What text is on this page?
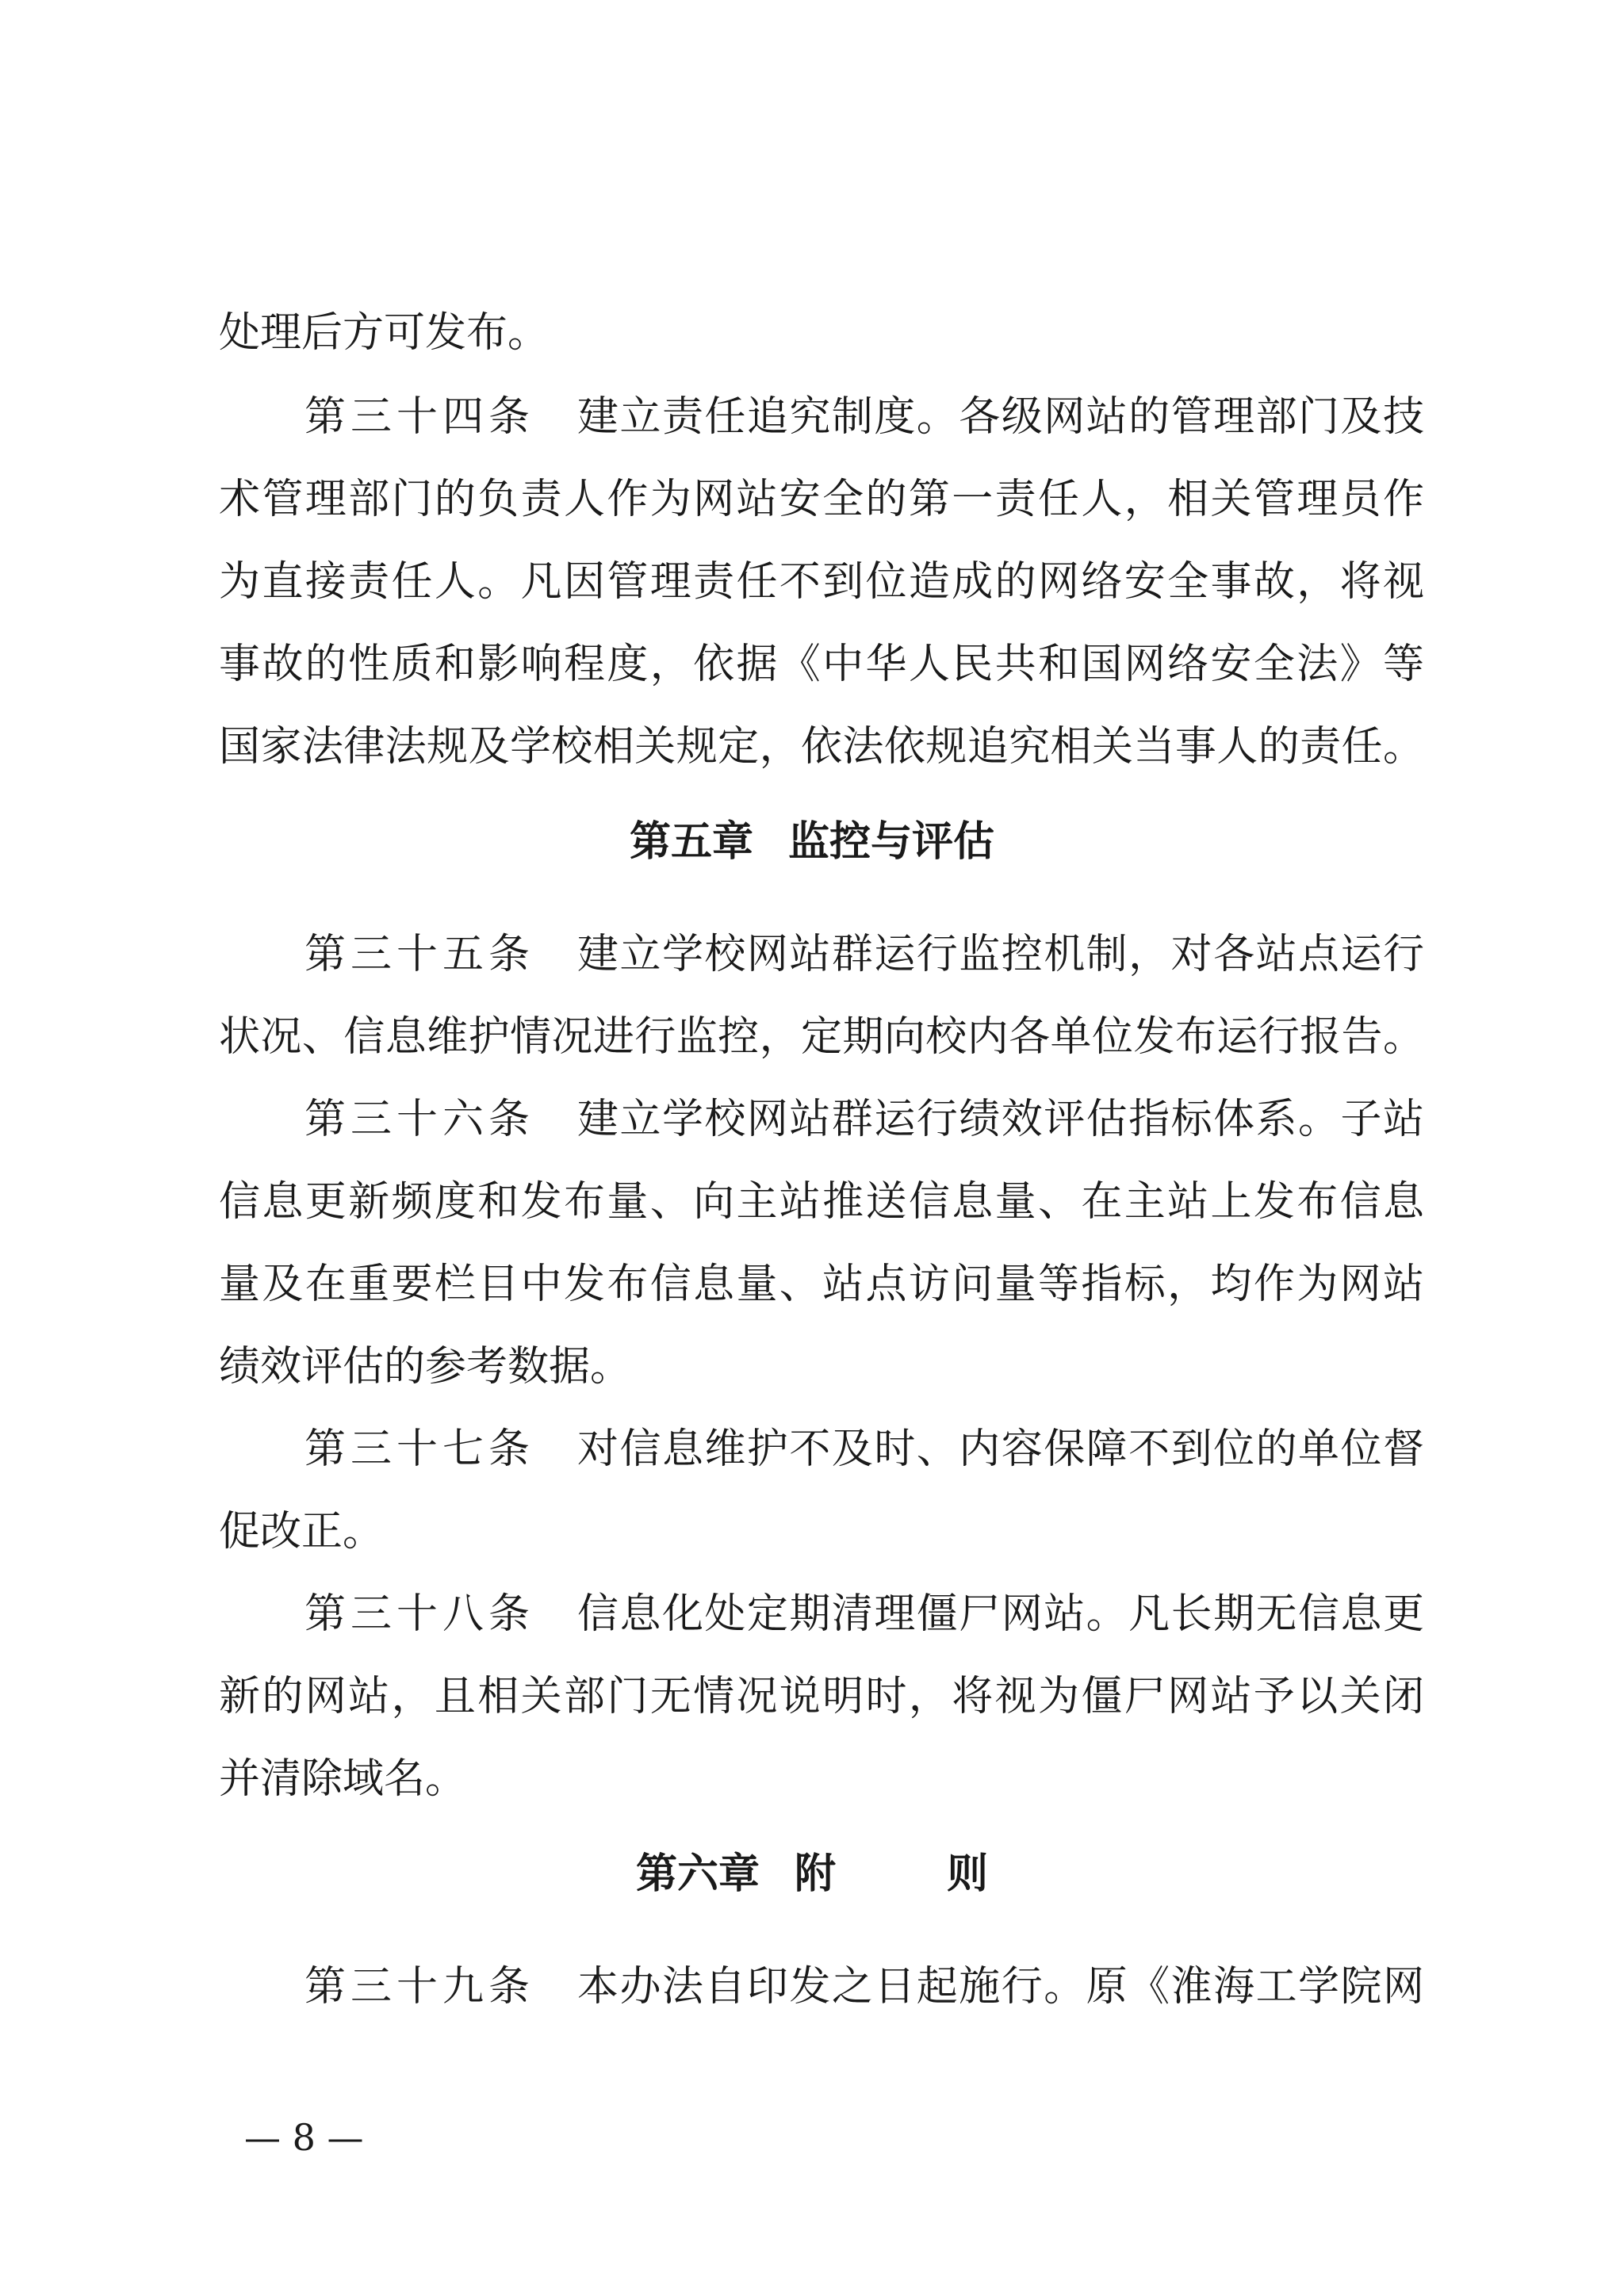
处理后方可发布。
第三十四条 建立责任追究制度。各级网站的管理部门及技
术管理部门的负责人作为网站安全的第一责任人，相关管理员作
为直接责任人。凡因管理责任不到位造成的网络安全事故，将视
事故的性质和影响程度，依据《中华人民共和国网络安全法》等
国家法律法规及学校相关规定，依法依规追究相关当事人的责任。
第五章 监控与评估
第三十五条 建立学校网站群运行监控机制，对各站点运行
状况、信息维护情况进行监控，定期向校内各单位发布运行报告。
第三十六条 建立学校网站群运行绩效评估指标体系。子站
信息更新频度和发布量、向主站推送信息量、在主站上发布信息
量及在重要栏目中发布信息量、站点访问量等指标，均作为网站
绩效评估的参考数据。
第三十七条 对信息维护不及时、内容保障不到位的单位督
促改正。
第三十八条 信息化处定期清理僵尸网站。凡长期无信息更
新的网站，且相关部门无情况说明时，将视为僵尸网站予以关闭
并清除域名。
第六章 附则
第三十九条 本办法自印发之日起施行。原《淮海工学院网
— 8 —
